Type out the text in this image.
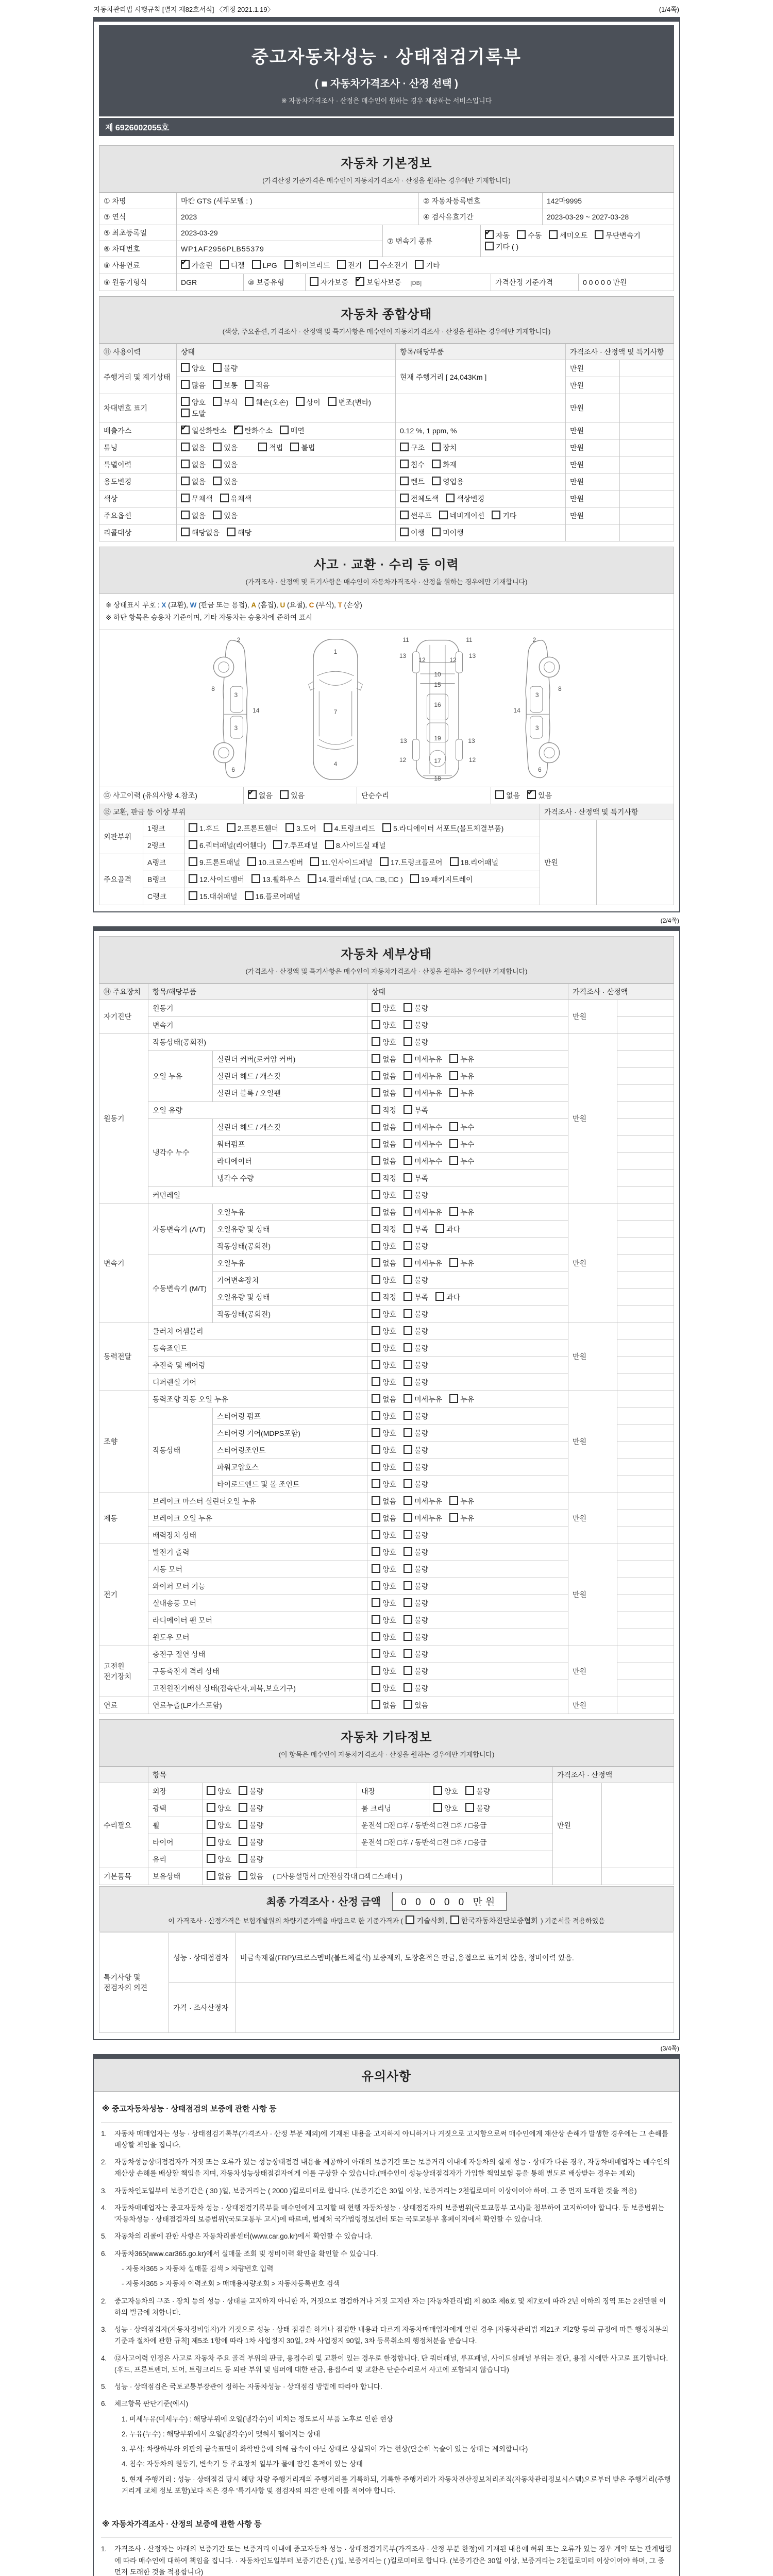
자동차관리법 시행규칙 [별지 제82호서식] 〈개정 2021.1.19〉	(1/4쪽)
중고자동차성능 · 상태점검기록부
( ■ 자동차가격조사 · 산정 선택 )
※ 자동차가격조사 · 산정은 매수인이 원하는 경우 제공하는 서비스입니다
제 6926002055호
자동차 기본정보
(가격산정 기준가격은 매수인이 자동차가격조사 · 산정을 원하는 경우에만 기재합니다)
① 차명	마칸 GTS (세부모델 : )	② 자동차등록번호	142마9995
③ 연식	2023	④ 검사유효기간	2023-03-29 ~ 2027-03-28
⑤ 최초등록일	2023-03-29	⑦ 변속기 종류	✔자동 수동 세미오토 무단변속기기타 ( )
⑥ 차대번호	WP1AF2956PLB55379		
⑧ 사용연료	✔가솔린	디젤	LPG	하이브리드	전기	수소전기	기타
⑨ 원동기형식	DGR	⑩ 보증유형	자가보증 ✔	보험사보증 [DB]	가격산정 기준가격	0 0 0 0 0 만원
자동차 종합상태
(색상, 주요옵션, 가격조사 · 산정액 및 특기사항은 매수인이 자동차가격조사 · 산정을 원하는 경우에만 기재합니다)
⑪ 사용이력	상태	항목/해당부품	가격조사 · 산정액 및 특기사항	
주행거리 및 계기상태	양호 불량	현재 주행거리 [ 24,043Km ]	만원	
	많음 보통 적음		만원	
차대번호 표기	양호 부식 훼손(오손) 상이 변조(변타)도말		만원	
배출가스	✔일산화탄소 ✔ 탄화수소 매연	0.12 %, 1 ppm, %	만원	
튜닝	없음 있음 적법 불법	구조 장치	만원	
특별이력	없음 있음	침수 화재	만원	
용도변경	없음 있음	렌트 영업용	만원	
색상	무채색 유채색	전체도색 색상변경	만원	
주요옵션	없음 있음	썬루프 네비게이션 기타	만원	
리콜대상	해당없음 해당	이행 미이행		
사고 · 교환 · 수리 등 이력
(가격조사 · 산정액 및 특기사항은 매수인이 자동차가격조사 · 산정을 원하는 경우에만 기재합니다)
※ 상태표시 부호 : X (교환), W (판금 또는 용접), A (흠집), U (요철), C (부식), T (손상)
※ 하단 항목은 승용차 기준이며, 기타 자동차는 승용차에 준하여 표시
2
8
3
14
3
6
1
7
4
11	11
13	13
12	12
10
15
16
19
13	13
12	12
17
18
2
8
3
14
3
6
⑫ 사고이력 (유의사항 4.참조)	✔없음	있음	단순수리	없음 ✔	있음
⑬ 교환, 판금 등 이상 부위			가격조사 · 산정액 및 특기사항	
외판부위	1랭크	1.후드 2.프론트휀더 3.도어 4.트렁크리드 5.라디에이터 서포트(볼트체결부품)	만원	
	2랭크	6.쿼터패널(리어휀다) 7.루프패널 8.사이드실 패널		
주요골격	A랭크	9.프론트패널 10.크로스멤버 11.인사이드패널 17.트렁크플로어 18.리어패널		
	B랭크	12.사이드멤버 13.휠하우스 14.필러패널 ( □A, □B, □C ) 19.패키지트레이		
	C랭크	15.대쉬패널 16.플로어패널		
(2/4쪽)
자동차 세부상태
(가격조사 · 산정액 및 특기사항은 매수인이 자동차가격조사 · 산정을 원하는 경우에만 기재합니다)
⑭ 주요장치	항목/해당부품		상태	가격조사 · 산정액	
자기진단	원동기		양호 불량	만원	
	변속기		양호 불량		
원동기	작동상태(공회전)		양호 불량	만원	
	오일 누유	실린더 커버(로커암 커버)	없음 미세누유 누유		
		실린더 헤드 / 개스킷	없음 미세누유 누유		
		실린더 블록 / 오일팬	없음 미세누유 누유		
	오일 유량		적정 부족		
	냉각수 누수	실린더 헤드 / 개스킷	없음 미세누수 누수		
		워터펌프	없음 미세누수 누수		
		라디에이터	없음 미세누수 누수		
		냉각수 수량	적정 부족		
	커먼레일		양호 불량		
변속기	자동변속기 (A/T)	오일누유	없음 미세누유 누유	만원	
		오일유량 및 상태	적정 부족 과다		
		작동상태(공회전)	양호 불량		
	수동변속기 (M/T)	오일누유	없음 미세누유 누유		
		기어변속장치	양호 불량		
		오일유량 및 상태	적정 부족 과다		
		작동상태(공회전)	양호 불량		
동력전달	클러치 어셈블리		양호 불량	만원	
	등속죠인트		양호 불량		
	추진축 및 베어링		양호 불량		
	디퍼렌셜 기어		양호 불량		
조향	동력조향 작동 오일 누유		없음 미세누유 누유	만원	
	작동상태	스티어링 펌프	양호 불량		
		스티어링 기어(MDPS포함)	양호 불량		
		스티어링조인트	양호 불량		
		파워고압호스	양호 불량		
		타이로드엔드 및 볼 조인트	양호 불량		
제동	브레이크 마스터 실린더오일 누유		없음 미세누유 누유	만원	
	브레이크 오일 누유		없음 미세누유 누유		
	배력장치 상태		양호 불량		
전기	발전기 출력		양호 불량	만원	
	시동 모터		양호 불량		
	와이퍼 모터 기능		양호 불량		
	실내송풍 모터		양호 불량		
	라디에이터 팬 모터		양호 불량		
	윈도우 모터		양호 불량		
고전원 전기장치	충전구 절연 상태		양호 불량	만원	
	구동축전지 격리 상태		양호 불량		
	고전원전기배선 상태(접속단자,피복,보호기구)		양호 불량		
연료	연료누출(LP가스포함)		없음 있음	만원	
자동차 기타정보
(이 항목은 매수인이 자동차가격조사 · 산정을 원하는 경우에만 기재합니다)
	항목				가격조사 · 산정액	
수리필요	외장	양호 불량	내장	양호 불량	만원	
	광택	양호 불량	룸 크리닝	양호 불량		
	휠	양호 불량	운전석 □전 □후 / 동반석 □전 □후 / □응급			
	타이어	양호 불량	운전석 □전 □후 / 동반석 □전 □후 / □응급			
	유리	양호 불량				
기본품목	보유상태	없음 있음 ( □사용설명서 □안전삼각대 □잭 □스패너 )				
최종 가격조사 · 산정 금액 0 0 0 0 0 만원
이 가격조사 · 산정가격은 보험개발원의 차량기준가액을 바탕으로 한 기준가격과 ( 기술사회 , 한국자동차진단보증협회 ) 기준서를 적용하였음
특기사항 및 점검자의 의견	성능 · 상태점검자	비금속재질(FRP)/크로스멤버(볼트체결식) 보증제외, 도장흔적은 판금,용접으로 표기치 않음, 정비이력 있음.
	가격 · 조사산정자	
(3/4쪽)
유의사항
※ 중고자동차성능 · 상태점검의 보증에 관한 사항 등
1.	자동차 매매업자는 성능 · 상태점검기록부(가격조사 · 산정 부분 제외)에 기재된 내용을 고지하지 아니하거나 거짓으로 고지함으로써 매수인에게 재산상 손해가 발생한 경우에는 그 손해를 배상할 책임을 집니다.
2.	자동차성능상태점검자가 거짓 또는 오류가 있는 성능상태점검 내용을 제공하여 아래의 보증기간 또는 보증거리 이내에 자동차의 실제 성능 · 상태가 다른 경우, 자동차매매업자는 매수인의 재산상 손해를 배상할 책임을 지며, 자동차성능상태점검자에게 이를 구상할 수 있습니다.(매수인이 성능상태점검자가 가입한 책임보험 등을 통해 별도로 배상받는 경우는 제외)
3.	자동차인도일부터 보증기간은 ( 30 )일, 보증거리는 ( 2000 )킬로미터로 합니다. (보증기간은 30일 이상, 보증거리는 2천킬로미터 이상이어야 하며, 그 중 먼저 도래한 것을 적용)
4.	자동차매매업자는 중고자동차 성능 · 상태점검기록부를 매수인에게 고지할 때 현행 자동차성능 · 상태점검자의 보증범위(국토교통부 고시)를 첨부하여 고지하여야 합니다. 동 보증범위는 '자동차성능 · 상태점검자의 보증범위'(국토교통부 고시)에 따르며, 법제처 국가법령정보센터 또는 국토교통부 홈페이지에서 확인할 수 있습니다.
5.	자동차의 리콜에 관한 사항은 자동차리콜센터(www.car.go.kr)에서 확인할 수 있습니다.
6.	자동차365(www.car365.go.kr)에서 실매물 조회 및 정비이력 확인을 확인할 수 있습니다.
- 자동차365 > 자동차 실매물 검색 > 차량번호 입력
- 자동차365 > 자동차 이력조회 > 매매용차량조회 > 자동차등록번호 검색
2.	중고자동차의 구조 · 장치 등의 성능 · 상태를 고지하지 아니한 자, 거짓으로 점검하거나 거짓 고지한 자는 [자동차관리법] 제 80조 제6호 및 제7호에 따라 2년 이하의 징역 또는 2천만원 이하의 벌금에 처합니다.
3.	성능 · 상태점검자(자동차정비업자)가 거짓으로 성능 · 상태 점검을 하거나 점검한 내용과 다르게 자동차매매업자에게 알린 경우 [자동차관리법 제21조 제2항 등의 규정에 따른 행정처분의 기준과 절차에 관한 규칙] 제5조 1항에 따라 1차 사업정지 30일, 2차 사업정지 90일, 3차 등록취소의 행정처분을 받습니다.
4.	⑫사고이력 인정은 사고로 자동차 주요 골격 부위의 판금, 용접수리 및 교환이 있는 경우로 한정합니다. 단 쿼터패널, 루프패널, 사이드실패널 부위는 절단, 용접 시에만 사고로 표기합니다. (후드, 프론트펜더, 도어, 트렁크리드 등 외판 부위 및 범퍼에 대한 판금, 용접수리 및 교환은 단순수리로서 사고에 포함되지 않습니다)
5.	성능 · 상태점검은 국토교통부장관이 정하는 자동차성능 · 상태점검 방법에 따라야 합니다.
6.	체크항목 판단기준(예시)
1. 미세누유(미세누수) : 해당부위에 오일(냉각수)이 비치는 정도로서 부품 노후로 인한 현상
2. 누유(누수) : 해당부위에서 오일(냉각수)이 맺혀서 떨어지는 상태
3. 부식: 차량하부와 외판의 금속표면이 화학반응에 의해 금속이 아닌 상태로 상실되어 가는 현상(단순히 녹슬어 있는 상태는 제외합니다)
4. 침수: 자동차의 원동기, 변속기 등 주요장치 일부가 물에 잠긴 흔적이 있는 상태
5. 현재 주행거리 : 성능 · 상태점검 당시 해당 차량 주행거리계의 주행거리를 기록하되, 기록한 주행거리가 자동차전산정보처리조직(자동차관리정보시스템)으로부터 받은 주행거리(주행거리계 교체 정보 포함)보다 적은 경우 '특기사항 및 점검자의 의견' 란에 이를 적어야 합니다.
※ 자동차가격조사 · 산정의 보증에 관한 사항 등
1.	가격조사 · 산정자는 아래의 보증기간 또는 보증거리 이내에 중고자동차 성능 · 상태점검기록부(가격조사 · 산정 부분 한정)에 기재된 내용에 허위 또는 오류가 있는 경우 계약 또는 관계법령에 따라 매수인에 대하여 책임을 집니다. · 자동차인도일부터 보증기간은 ( )일, 보증거리는 ( )킬로미터로 합니다. (보증기간은 30일 이상, 보증거리는 2천킬로미터 이상이어야 하며, 그 중 먼저 도래한 것을 적용합니다)
